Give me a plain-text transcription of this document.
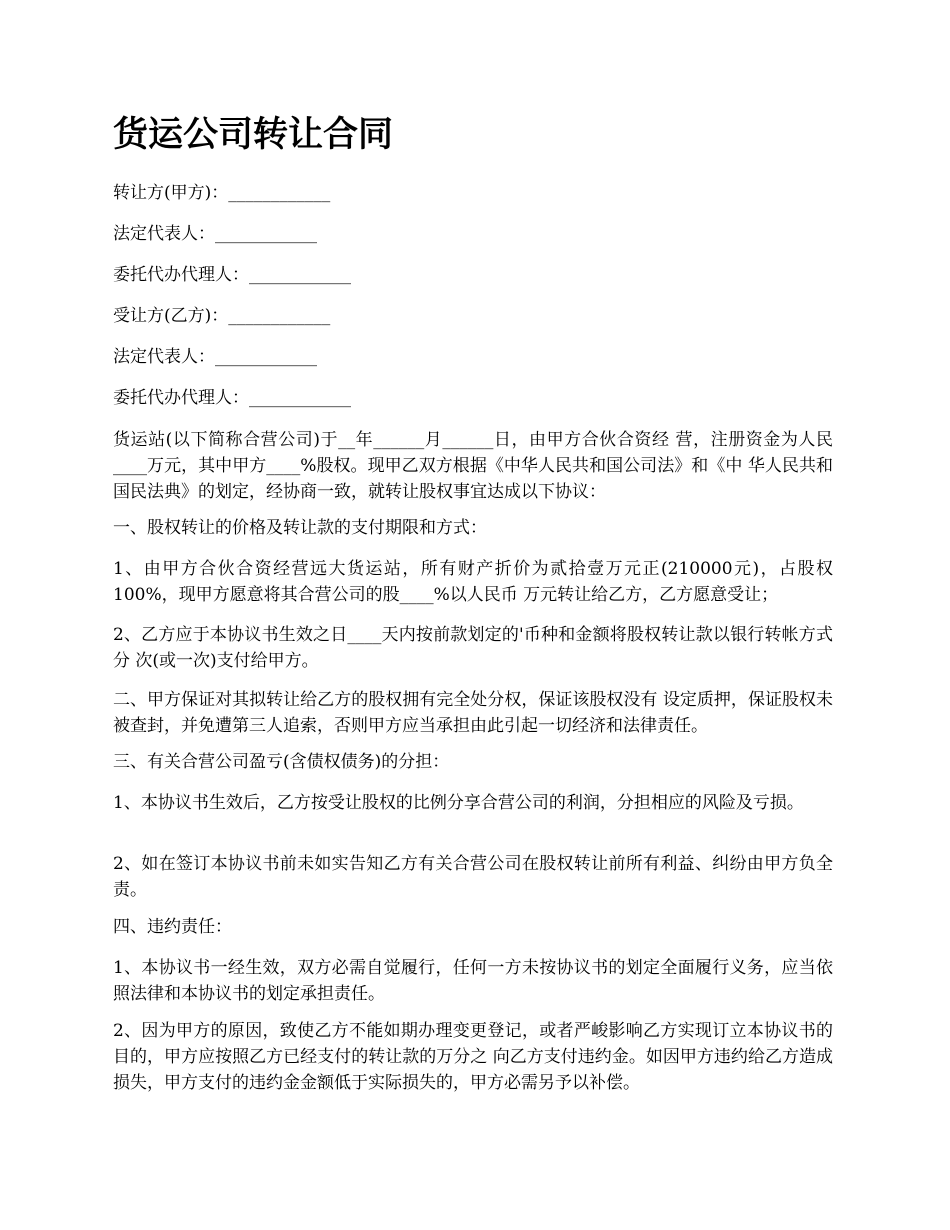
货运公司转让合同

转让方(甲方)：____________

法定代表人：____________

委托代办代理人：____________

受让方(乙方)：____________

法定代表人：____________

委托代办代理人：____________

货运站(以下简称合营公司)于__年______月______日，由甲方合伙合资经 营，注册资金为人民____万元，其中甲方____%股权。现甲乙双方根据《中华人民共和国公司法》和《中 华人民共和国民法典》的划定，经协商一致，就转让股权事宜达成以下协议：

一、股权转让的价格及转让款的支付期限和方式：

1、由甲方合伙合资经营远大货运站，所有财产折价为贰拾壹万元正(210000元)，占股权100%，现甲方愿意将其合营公司的股____%以人民币 万元转让给乙方，乙方愿意受让；

2、乙方应于本协议书生效之日____天内按前款划定的'币种和金额将股权转让款以银行转帐方式分 次(或一次)支付给甲方。

二、甲方保证对其拟转让给乙方的股权拥有完全处分权，保证该股权没有 设定质押，保证股权未被查封，并免遭第三人追索，否则甲方应当承担由此引起一切经济和法律责任。

三、有关合营公司盈亏(含债权债务)的分担：

1、本协议书生效后，乙方按受让股权的比例分享合营公司的利润，分担相应的风险及亏损。

2、如在签订本协议书前未如实告知乙方有关合营公司在股权转让前所有利益、纠纷由甲方负全责。

四、违约责任：

1、本协议书一经生效，双方必需自觉履行，任何一方未按协议书的划定全面履行义务，应当依照法律和本协议书的划定承担责任。

2、因为甲方的原因，致使乙方不能如期办理变更登记，或者严峻影响乙方实现订立本协议书的目的，甲方应按照乙方已经支付的转让款的万分之 向乙方支付违约金。如因甲方违约给乙方造成损失，甲方支付的违约金金额低于实际损失的，甲方必需另予以补偿。
